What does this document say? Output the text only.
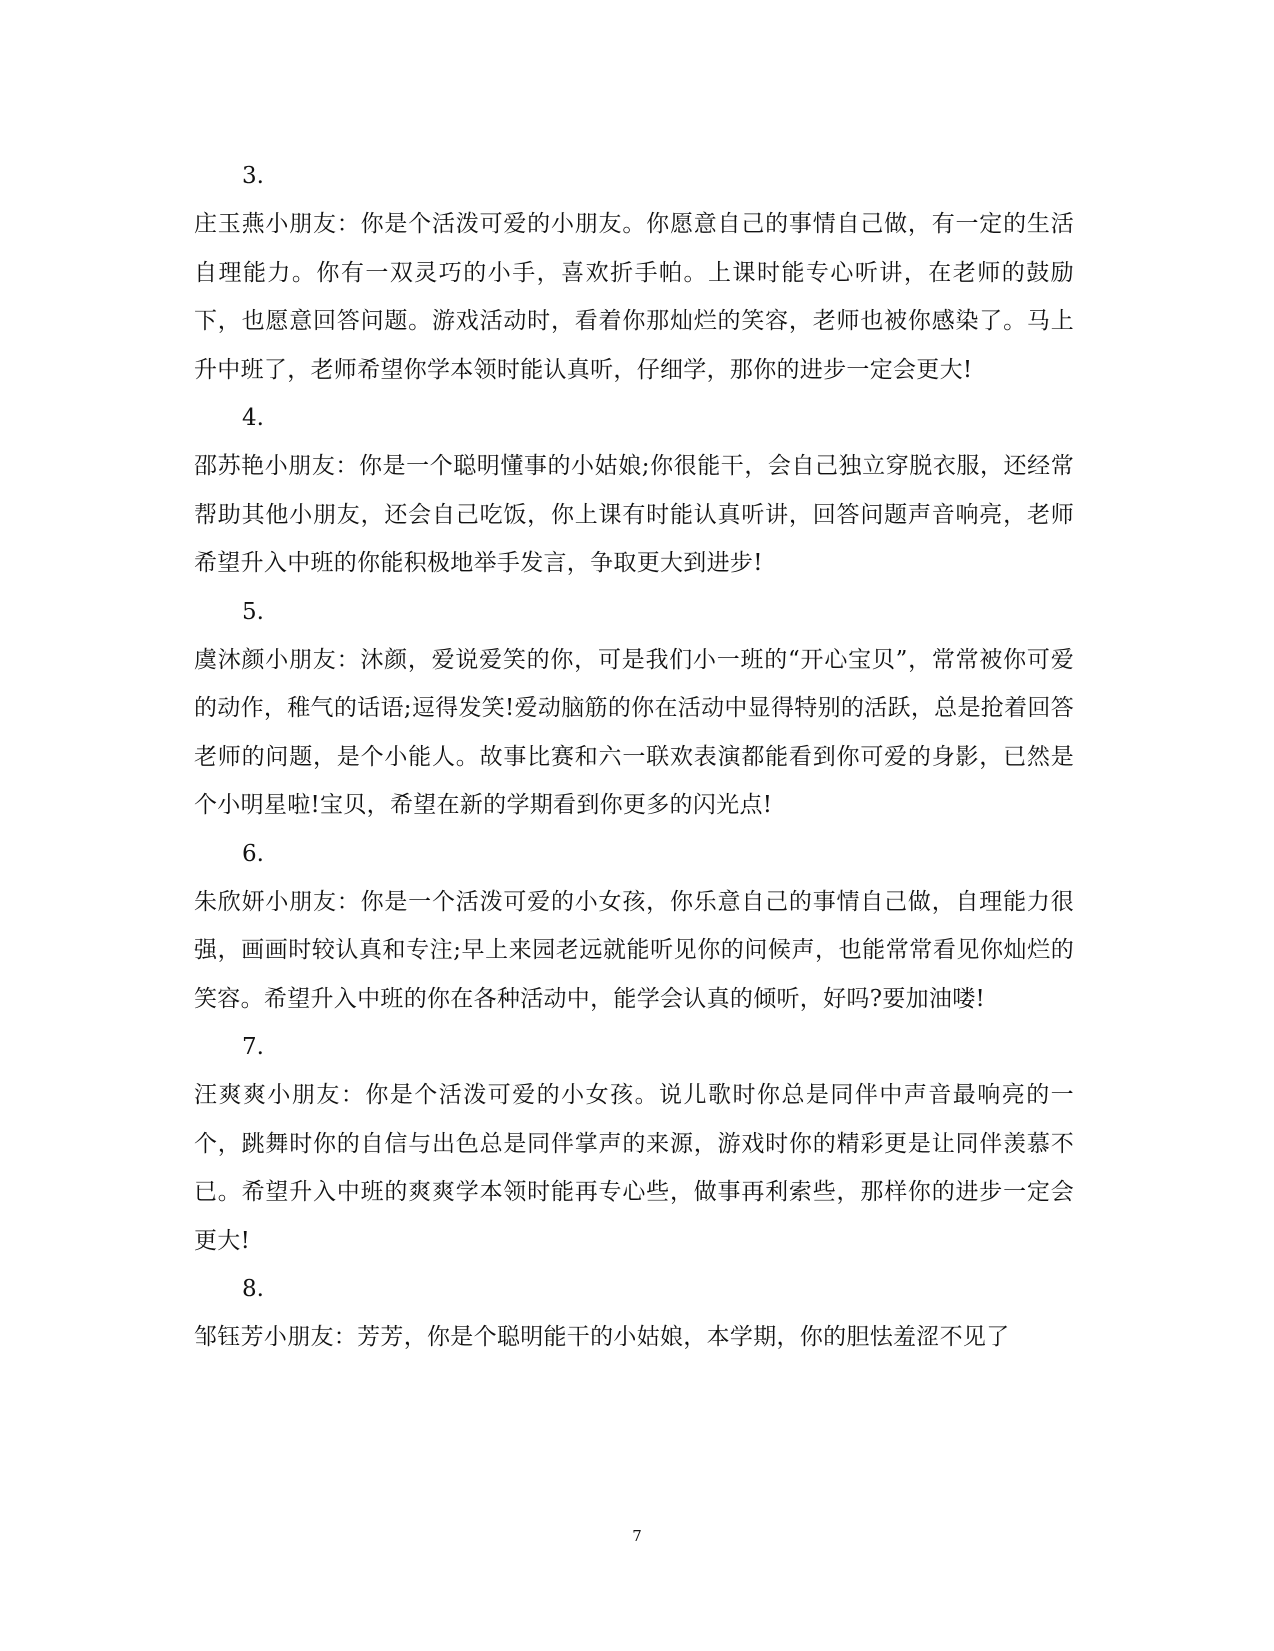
3.

庄玉燕小朋友：你是个活泼可爱的小朋友。你愿意自己的事情自己做，有一定的生活自理能力。你有一双灵巧的小手，喜欢折手帕。上课时能专心听讲，在老师的鼓励下，也愿意回答问题。游戏活动时，看着你那灿烂的笑容，老师也被你感染了。马上升中班了，老师希望你学本领时能认真听，仔细学，那你的进步一定会更大!

4.

邵苏艳小朋友：你是一个聪明懂事的小姑娘;你很能干，会自己独立穿脱衣服，还经常帮助其他小朋友，还会自己吃饭，你上课有时能认真听讲，回答问题声音响亮，老师希望升入中班的你能积极地举手发言，争取更大到进步!

5.

虞沐颜小朋友：沐颜，爱说爱笑的你，可是我们小一班的“开心宝贝”，常常被你可爱的动作，稚气的话语;逗得发笑!爱动脑筋的你在活动中显得特别的活跃，总是抢着回答老师的问题，是个小能人。故事比赛和六一联欢表演都能看到你可爱的身影，已然是个小明星啦!宝贝，希望在新的学期看到你更多的闪光点!

6.

朱欣妍小朋友：你是一个活泼可爱的小女孩，你乐意自己的事情自己做，自理能力很强，画画时较认真和专注;早上来园老远就能听见你的问候声，也能常常看见你灿烂的笑容。希望升入中班的你在各种活动中，能学会认真的倾听，好吗?要加油喽!

7.

汪爽爽小朋友：你是个活泼可爱的小女孩。说儿歌时你总是同伴中声音最响亮的一个，跳舞时你的自信与出色总是同伴掌声的来源，游戏时你的精彩更是让同伴羡慕不已。希望升入中班的爽爽学本领时能再专心些，做事再利索些，那样你的进步一定会更大!

8.

邹钰芳小朋友：芳芳，你是个聪明能干的小姑娘，本学期，你的胆怯羞涩不见了

7
